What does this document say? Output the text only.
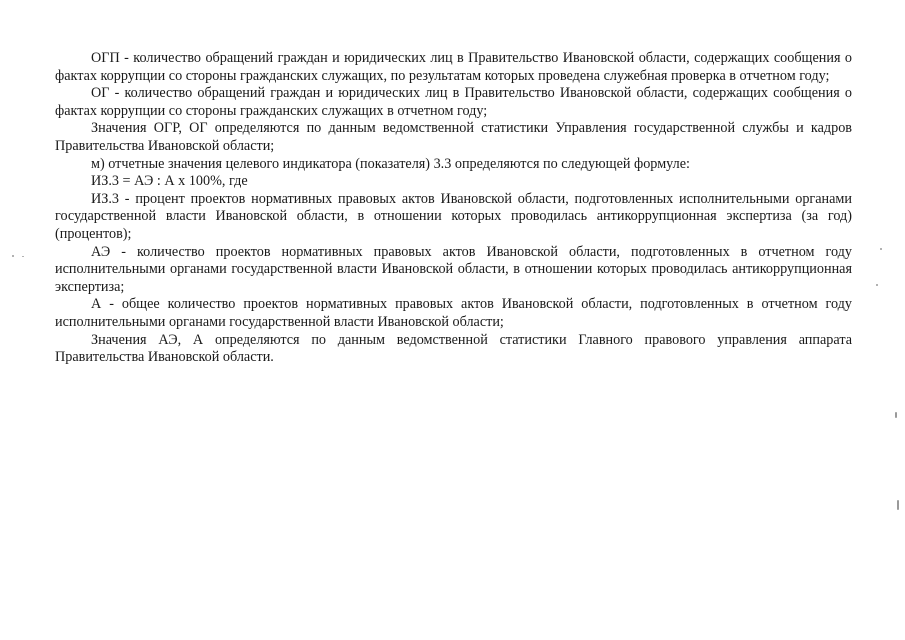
ОГП - количество обращений граждан и юридических лиц в Правительство Ивановской области, содержащих сообщения о фактах коррупции со стороны гражданских служащих, по результатам которых проведена служебная проверка в отчетном году;

ОГ - количество обращений граждан и юридических лиц в Правительство Ивановской области, содержащих сообщения о фактах коррупции со стороны гражданских служащих в отчетном году;

Значения ОГР, ОГ определяются по данным ведомственной статистики Управления государственной службы и кадров Правительства Ивановской области;

м) отчетные значения целевого индикатора (показателя) 3.3 определяются по следующей формуле:

ИЗ.3 = АЭ : А х 100%, где

ИЗ.3 - процент проектов нормативных правовых актов Ивановской области, подготовленных исполнительными органами государственной власти Ивановской области, в отношении которых проводилась антикоррупционная экспертиза (за год) (процентов);

АЭ - количество проектов нормативных правовых актов Ивановской области, подготовленных в отчетном году исполнительными органами государственной власти Ивановской области, в отношении которых проводилась антикоррупционная экспертиза;

А - общее количество проектов нормативных правовых актов Ивановской области, подготовленных в отчетном году исполнительными органами государственной власти Ивановской области;

Значения АЭ, А определяются по данным ведомственной статистики Главного правового управления аппарата Правительства Ивановской области.
